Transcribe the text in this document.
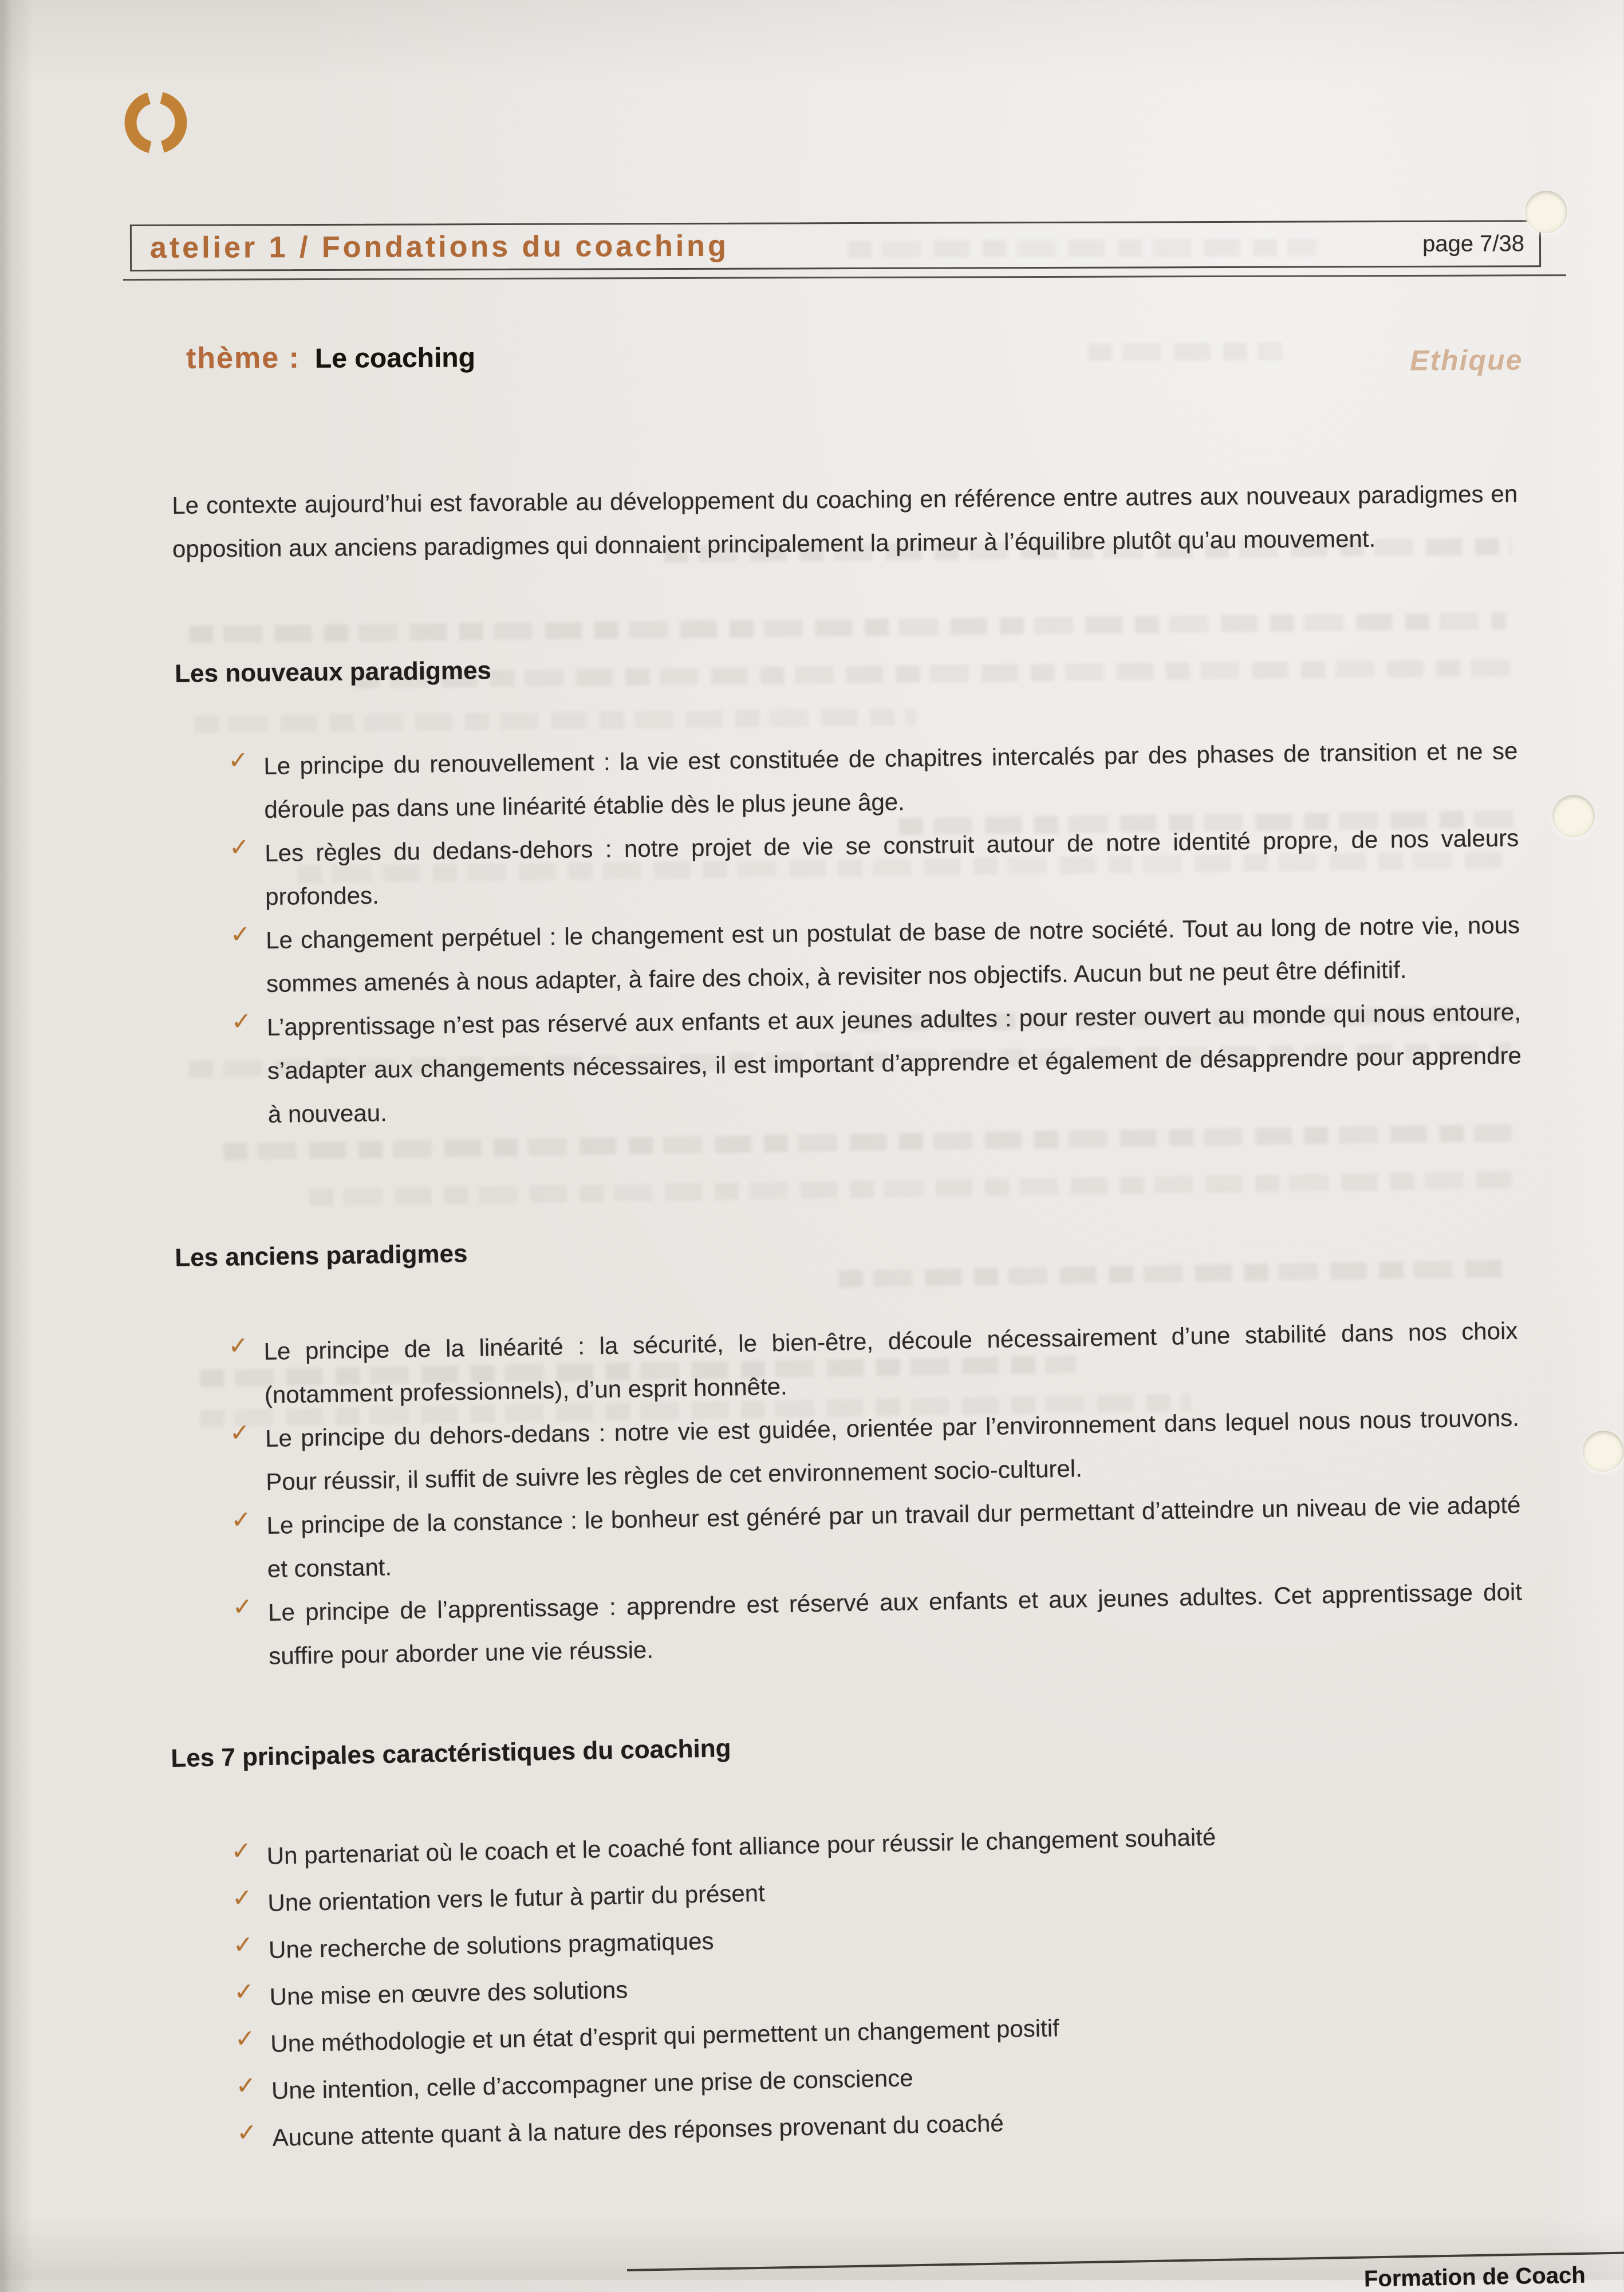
atelier 1 / Fondations du coaching	page 7/38
thème : Le coaching	Ethique
Le contexte aujourd’hui est favorable au développement du coaching en référence entre autres aux nouveaux paradigmes en opposition aux anciens paradigmes qui donnaient principalement la primeur à l’équilibre plutôt qu’au mouvement.
Les nouveaux paradigmes
✓ Le principe du renouvellement : la vie est constituée de chapitres intercalés par des phases de transition et ne se déroule pas dans une linéarité établie dès le plus jeune âge.
✓ Les règles du dedans-dehors : notre projet de vie se construit autour de notre identité propre, de nos valeurs profondes.
✓ Le changement perpétuel : le changement est un postulat de base de notre société. Tout au long de notre vie, nous sommes amenés à nous adapter, à faire des choix, à revisiter nos objectifs. Aucun but ne peut être définitif.
✓ L’apprentissage n’est pas réservé aux enfants et aux jeunes adultes : pour rester ouvert au monde qui nous entoure, s’adapter aux changements nécessaires, il est important d’apprendre et également de désapprendre pour apprendre à nouveau.
Les anciens paradigmes
✓ Le principe de la linéarité : la sécurité, le bien-être, découle nécessairement d’une stabilité dans nos choix (notamment professionnels), d’un esprit honnête.
✓ Le principe du dehors-dedans : notre vie est guidée, orientée par l’environnement dans lequel nous nous trouvons. Pour réussir, il suffit de suivre les règles de cet environnement socio-culturel.
✓ Le principe de la constance : le bonheur est généré par un travail dur permettant d’atteindre un niveau de vie adapté et constant.
✓ Le principe de l’apprentissage : apprendre est réservé aux enfants et aux jeunes adultes. Cet apprentissage doit suffire pour aborder une vie réussie.
Les 7 principales caractéristiques du coaching
✓ Un partenariat où le coach et le coaché font alliance pour réussir le changement souhaité
✓ Une orientation vers le futur à partir du présent
✓ Une recherche de solutions pragmatiques
✓ Une mise en œuvre des solutions
✓ Une méthodologie et un état d’esprit qui permettent un changement positif
✓ Une intention, celle d’accompagner une prise de conscience
✓ Aucune attente quant à la nature des réponses provenant du coaché
Formation de Coach
